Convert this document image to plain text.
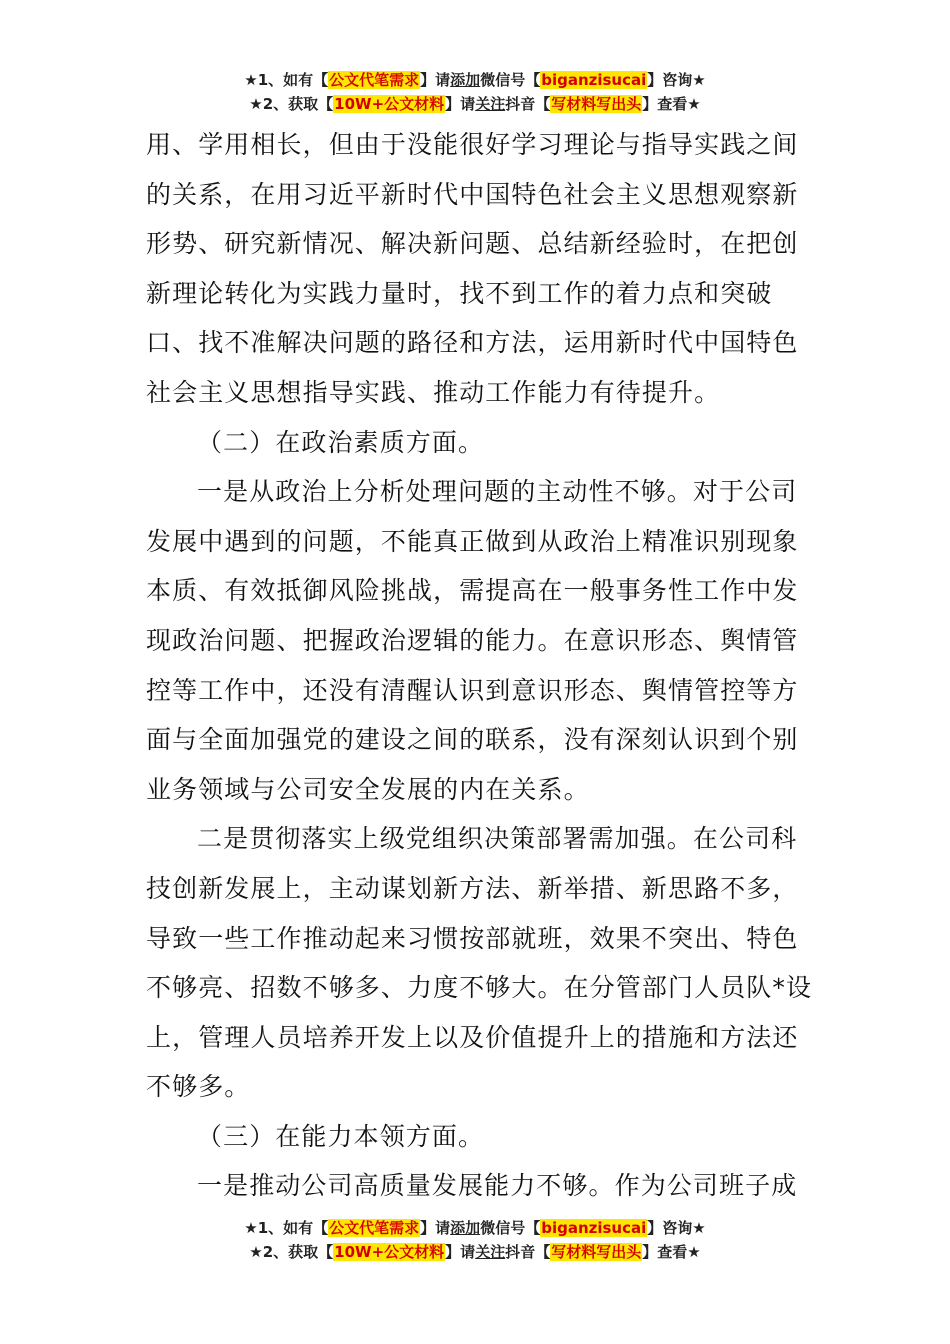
★1、如有【公文代笔需求】请添加微信号【biganzisucai】咨询★
★2、获取【10W+公文材料】请关注抖音【写材料写出头】查看★

用、学用相长，但由于没能很好学习理论与指导实践之间
的关系，在用习近平新时代中国特色社会主义思想观察新
形势、研究新情况、解决新问题、总结新经验时，在把创
新理论转化为实践力量时，找不到工作的着力点和突破
口、找不准解决问题的路径和方法，运用新时代中国特色
社会主义思想指导实践、推动工作能力有待提升。

（二）在政治素质方面。

一是从政治上分析处理问题的主动性不够。对于公司
发展中遇到的问题，不能真正做到从政治上精准识别现象
本质、有效抵御风险挑战，需提高在一般事务性工作中发
现政治问题、把握政治逻辑的能力。在意识形态、舆情管
控等工作中，还没有清醒认识到意识形态、舆情管控等方
面与全面加强党的建设之间的联系，没有深刻认识到个别
业务领域与公司安全发展的内在关系。

二是贯彻落实上级党组织决策部署需加强。在公司科
技创新发展上，主动谋划新方法、新举措、新思路不多，
导致一些工作推动起来习惯按部就班，效果不突出、特色
不够亮、招数不够多、力度不够大。在分管部门人员队*设
上，管理人员培养开发上以及价值提升上的措施和方法还
不够多。

（三）在能力本领方面。

一是推动公司高质量发展能力不够。作为公司班子成

★1、如有【公文代笔需求】请添加微信号【biganzisucai】咨询★
★2、获取【10W+公文材料】请关注抖音【写材料写出头】查看★
